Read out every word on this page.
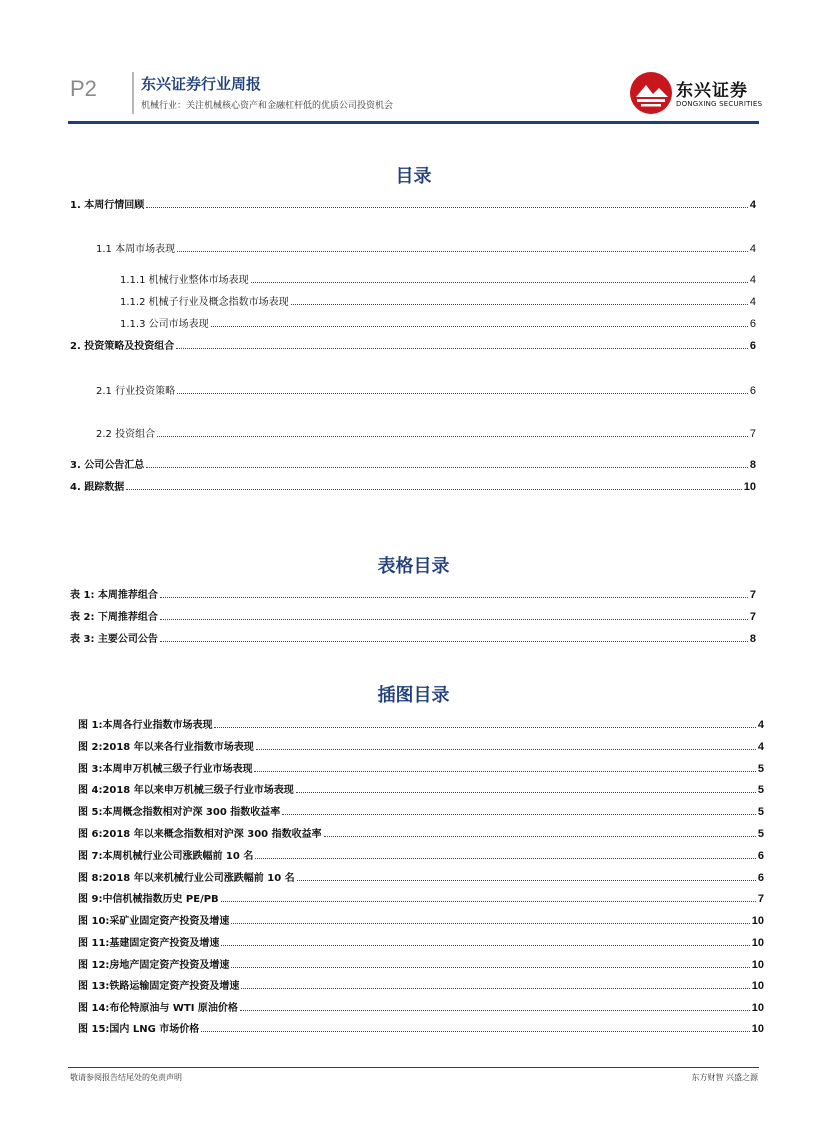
P2	东兴证券行业周报
机械行业：关注机械核心资产和金融杠杆低的优质公司投资机会
东兴证券
DONGXING SECURITIES
目录
1. 本周行情回顾	4
1.1 本周市场表现	4
1.1.1 机械行业整体市场表现	4
1.1.2 机械子行业及概念指数市场表现	4
1.1.3 公司市场表现	6
2. 投资策略及投资组合	6
2.1 行业投资策略	6
2.2 投资组合	7
3. 公司公告汇总	8
4. 跟踪数据	10
表格目录
表 1: 本周推荐组合	7
表 2: 下周推荐组合	7
表 3: 主要公司公告	8
插图目录
图 1:本周各行业指数市场表现	4
图 2:2018 年以来各行业指数市场表现	4
图 3:本周申万机械三级子行业市场表现	5
图 4:2018 年以来申万机械三级子行业市场表现	5
图 5:本周概念指数相对沪深 300 指数收益率	5
图 6:2018 年以来概念指数相对沪深 300 指数收益率	5
图 7:本周机械行业公司涨跌幅前 10 名	6
图 8:2018 年以来机械行业公司涨跌幅前 10 名	6
图 9:中信机械指数历史 PE/PB	7
图 10:采矿业固定资产投资及增速	10
图 11:基建固定资产投资及增速	10
图 12:房地产固定资产投资及增速	10
图 13:铁路运输固定资产投资及增速	10
图 14:布伦特原油与 WTI 原油价格	10
图 15:国内 LNG 市场价格	10
敬请参阅报告结尾处的免责声明	东方财智 兴盛之源
